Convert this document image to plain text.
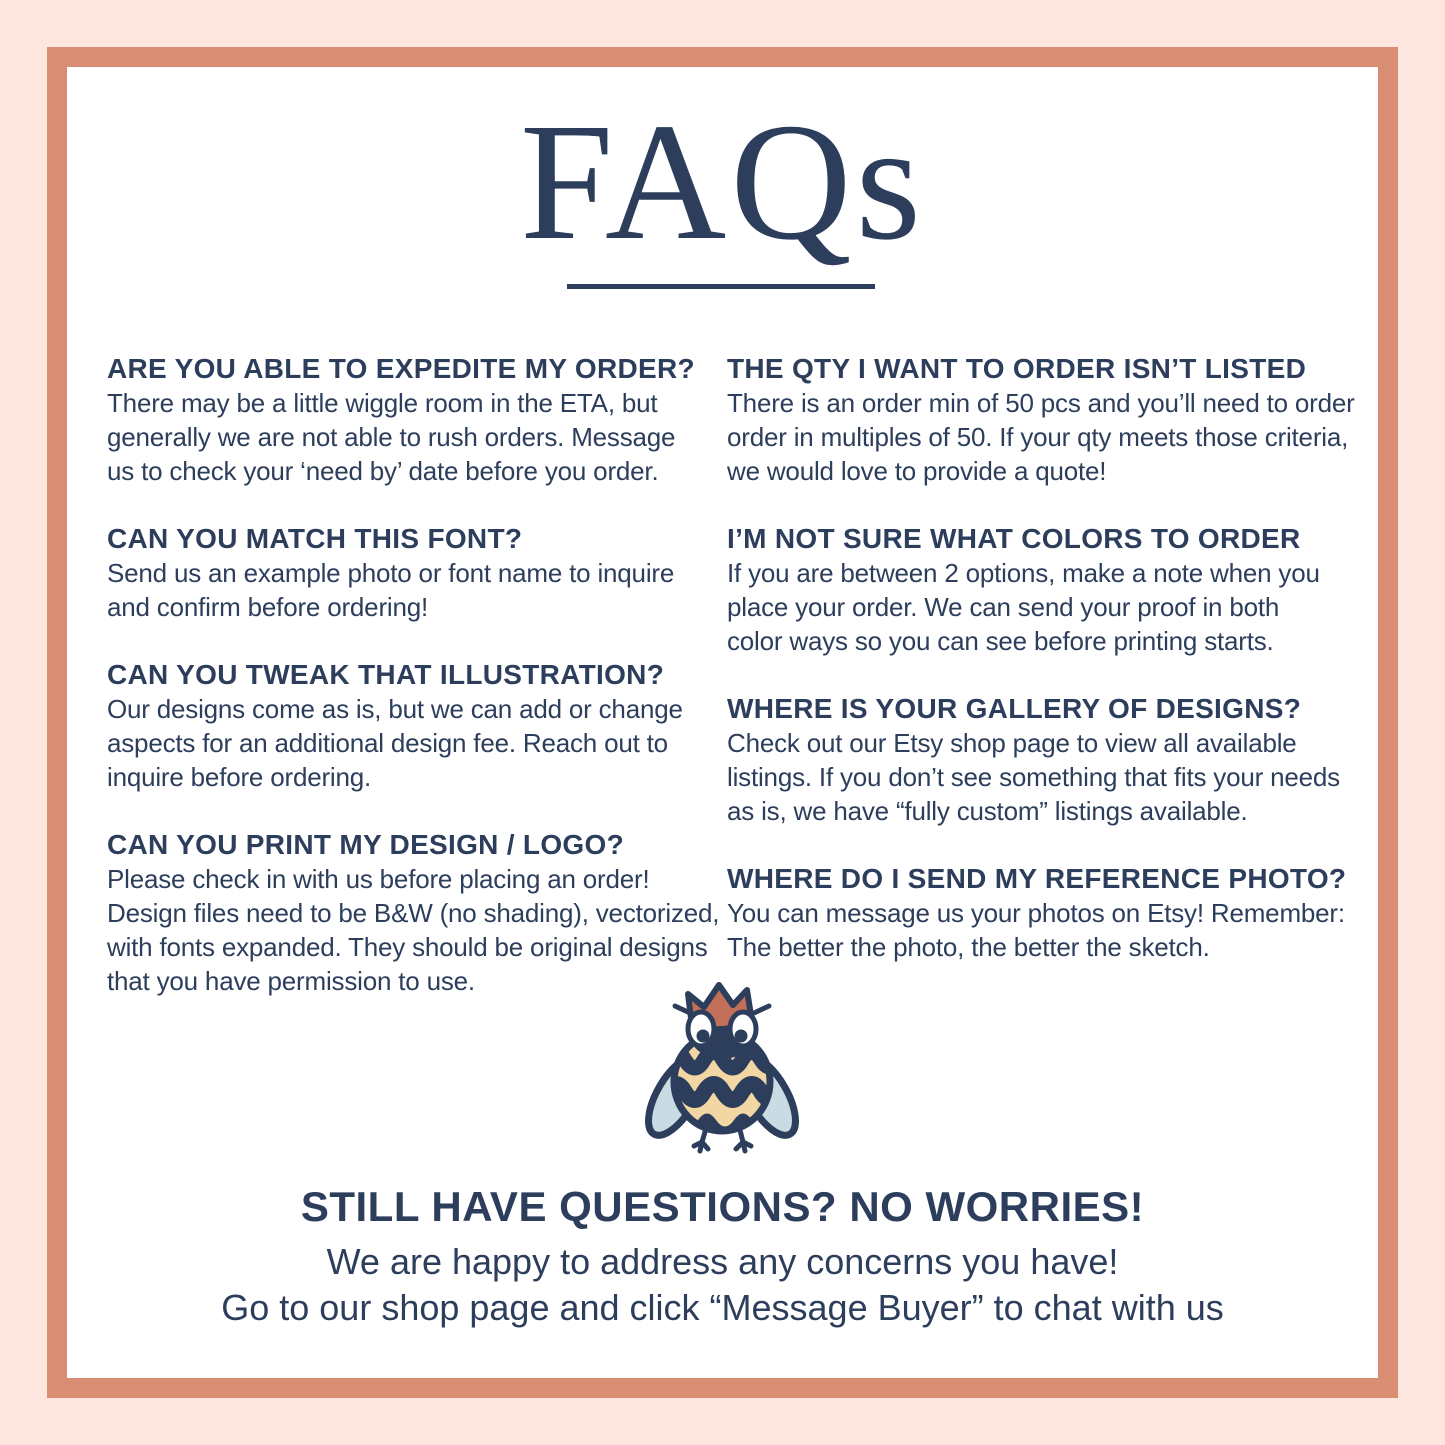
FAQs

ARE YOU ABLE TO EXPEDITE MY ORDER?

There may be a little wiggle room in the ETA, but
generally we are not able to rush orders. Message
us to check your ‘need by’ date before you order.

CAN YOU MATCH THIS FONT?

Send us an example photo or font name to inquire
and confirm before ordering!

CAN YOU TWEAK THAT ILLUSTRATION?

Our designs come as is, but we can add or change
aspects for an additional design fee. Reach out to
inquire before ordering.

CAN YOU PRINT MY DESIGN / LOGO?

Please check in with us before placing an order!
Design files need to be B&W (no shading), vectorized,
with fonts expanded. They should be original designs
that you have permission to use.

THE QTY I WANT TO ORDER ISN’T LISTED

There is an order min of 50 pcs and you’ll need to order
order in multiples of 50. If your qty meets those criteria,
we would love to provide a quote!

I’M NOT SURE WHAT COLORS TO ORDER

If you are between 2 options, make a note when you
place your order. We can send your proof in both
color ways so you can see before printing starts.

WHERE IS YOUR GALLERY OF DESIGNS?

Check out our Etsy shop page to view all available
listings. If you don’t see something that fits your needs
as is, we have “fully custom” listings available.

WHERE DO I SEND MY REFERENCE PHOTO?

You can message us your photos on Etsy! Remember:
The better the photo, the better the sketch.

STILL HAVE QUESTIONS? NO WORRIES!

We are happy to address any concerns you have!

Go to our shop page and click “Message Buyer” to chat with us
